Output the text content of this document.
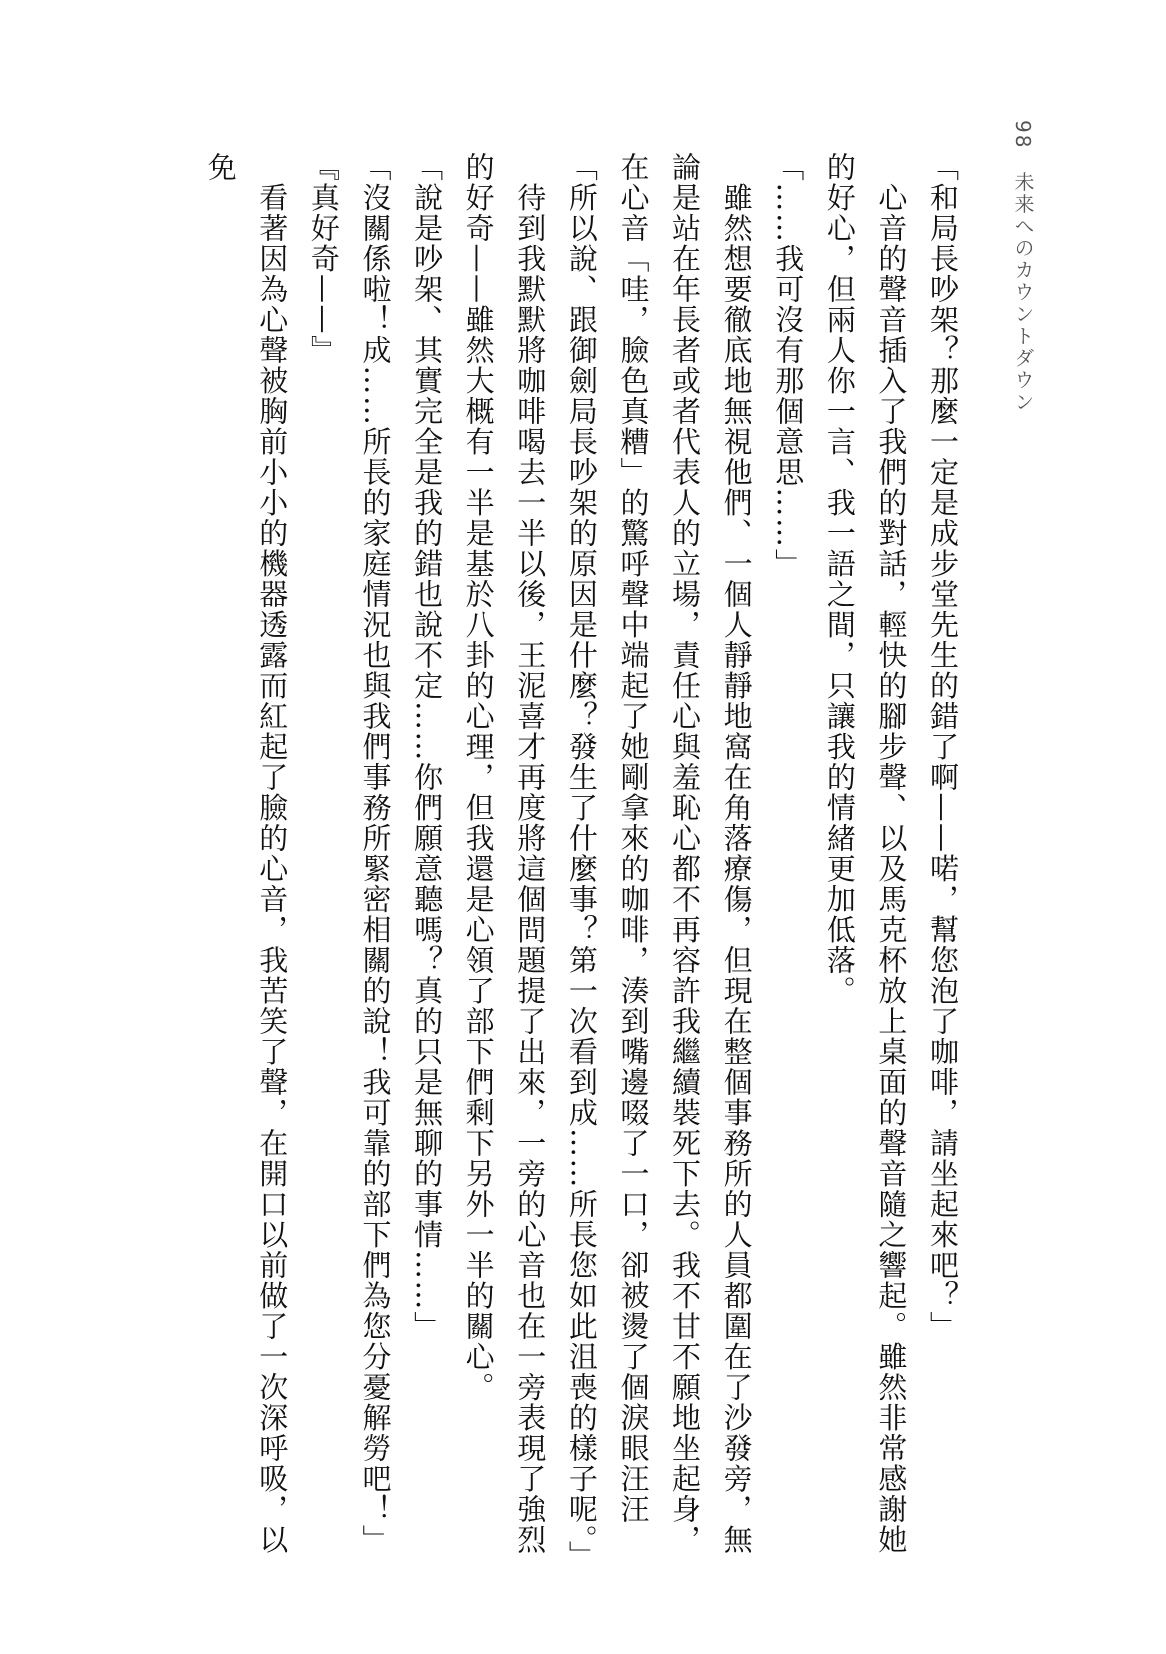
98　未来へのカウントダウン

「和局長吵架？那麼一定是成步堂先生的錯了啊——喏，幫您泡了咖啡，請坐起來吧？」

　心音的聲音插入了我們的對話，輕快的腳步聲、以及馬克杯放上桌面的聲音隨之響起。雖然非常感謝她的好心，但兩人你一言、我一語之間，只讓我的情緒更加低落。

「……我可沒有那個意思……」

　雖然想要徹底地無視他們、一個人靜靜地窩在角落療傷，但現在整個事務所的人員都圍在了沙發旁，無論是站在年長者或者代表人的立場，責任心與羞恥心都不再容許我繼續裝死下去。我不甘不願地坐起身，在心音「哇，臉色真糟」的驚呼聲中端起了她剛拿來的咖啡，湊到嘴邊啜了一口，卻被燙了個淚眼汪汪

「所以說、跟御劍局長吵架的原因是什麼？發生了什麼事？第一次看到成……所長您如此沮喪的樣子呢。」

　待到我默默將咖啡喝去一半以後，王泥喜才再度將這個問題提了出來，一旁的心音也在一旁表現了強烈的好奇——雖然大概有一半是基於八卦的心理，但我還是心領了部下們剩下另外一半的關心。

「說是吵架、其實完全是我的錯也說不定……你們願意聽嗎？真的只是無聊的事情……」

「沒關係啦！成……所長的家庭情況也與我們事務所緊密相關的說！我可靠的部下們為您分憂解勞吧！」

『真好奇——』

　看著因為心聲被胸前小小的機器透露而紅起了臉的心音，我苦笑了聲，在開口以前做了一次深呼吸，以免
